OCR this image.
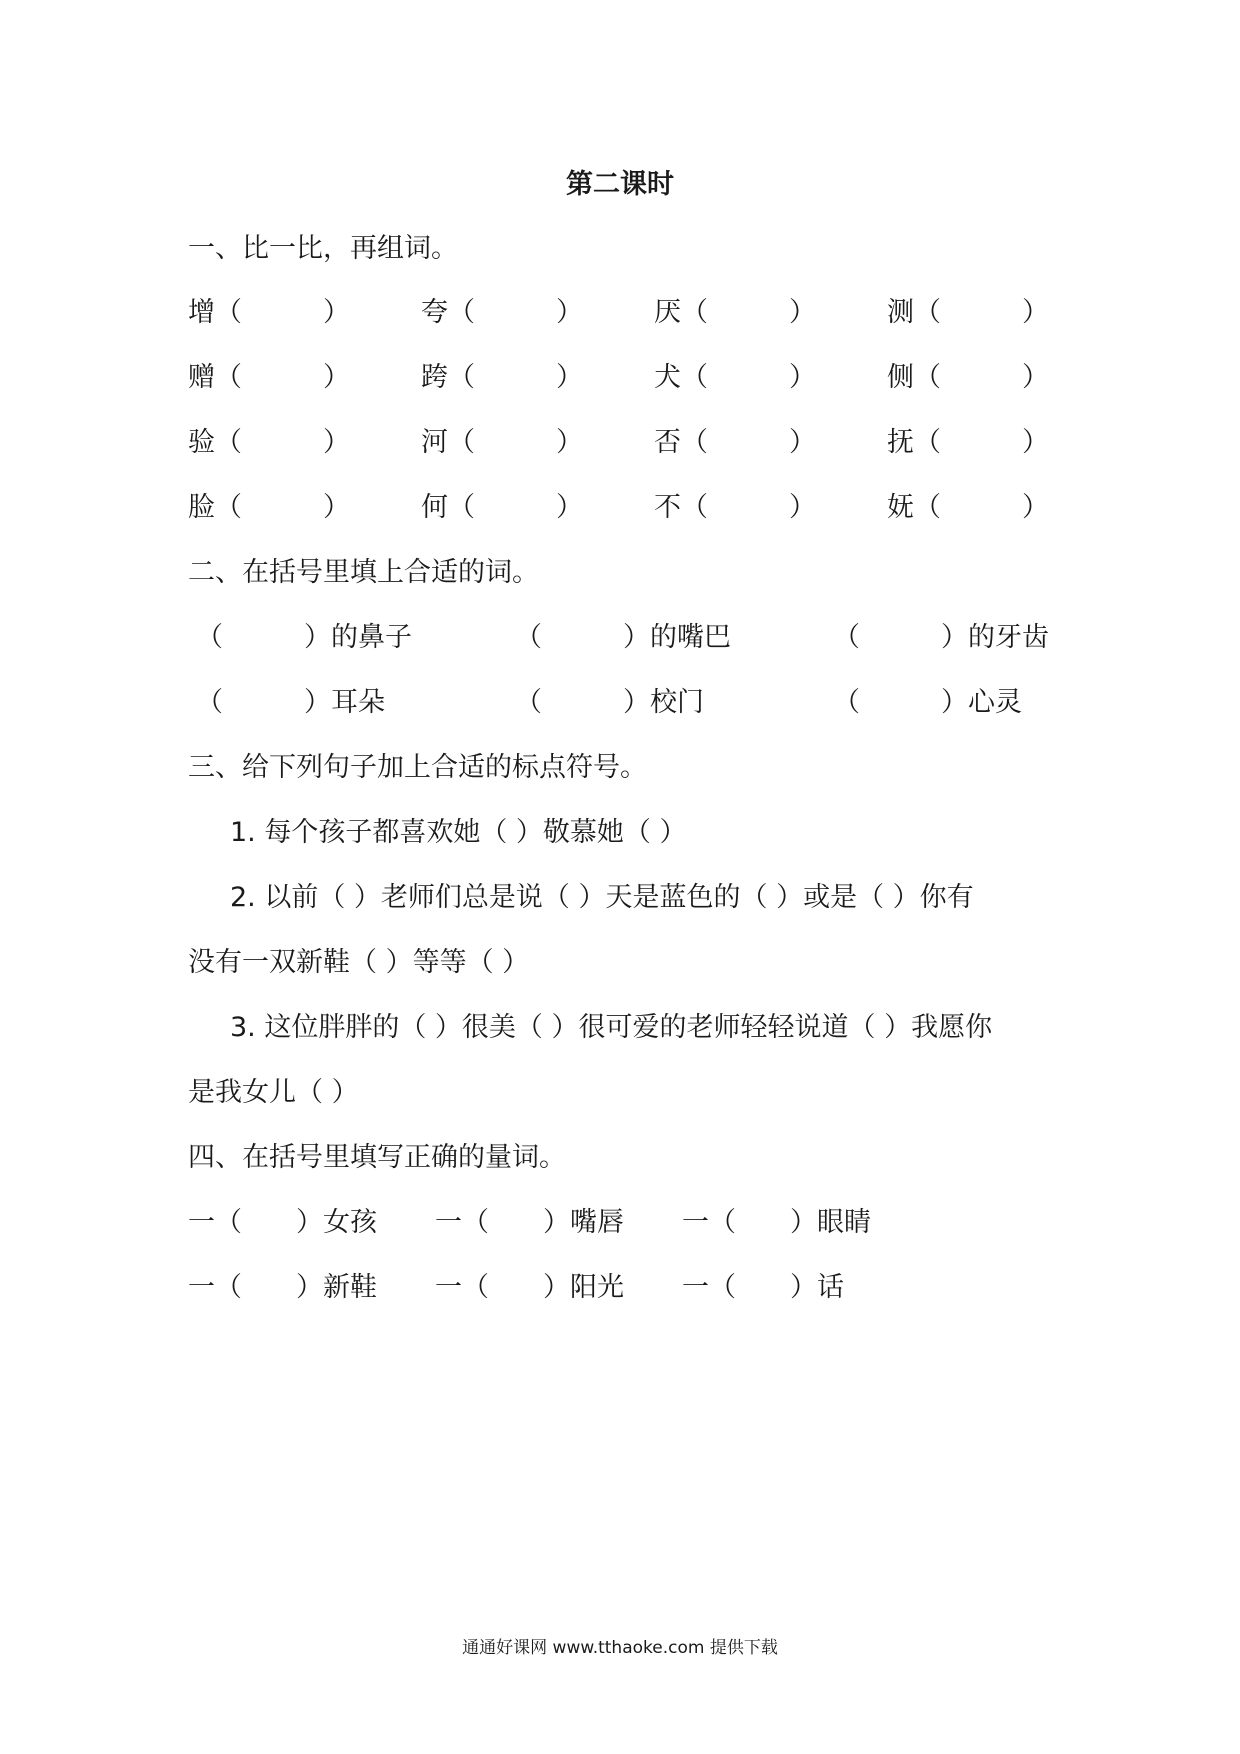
第二课时
一、比一比，再组词。
增（　　　）	夸（　　　）	厌（　　　）	测（　　　）
赠（　　　）	跨（　　　）	犬（　　　）	侧（　　　）
验（　　　）	河（　　　）	否（　　　）	抚（　　　）
脸（　　　）	何（　　　）	不（　　　）	妩（　　　）
二、在括号里填上合适的词。
（　　　）的鼻子	（　　　）的嘴巴	（　　　）的牙齿
（　　　）耳朵	（　　　）校门	（　　　）心灵
三、给下列句子加上合适的标点符号。
1. 每个孩子都喜欢她（ ）敬慕她（ ）
2. 以前（ ）老师们总是说（ ）天是蓝色的（ ）或是（ ）你有
没有一双新鞋（ ）等等（ ）
3. 这位胖胖的（ ）很美（ ）很可爱的老师轻轻说道（ ）我愿你
是我女儿（ ）
四、在括号里填写正确的量词。
一（　　）女孩 一（　　）嘴唇 一（　　）眼睛
一（　　）新鞋 一（　　）阳光 一（　　）话
通通好课网 www.tthaoke.com 提供下载
